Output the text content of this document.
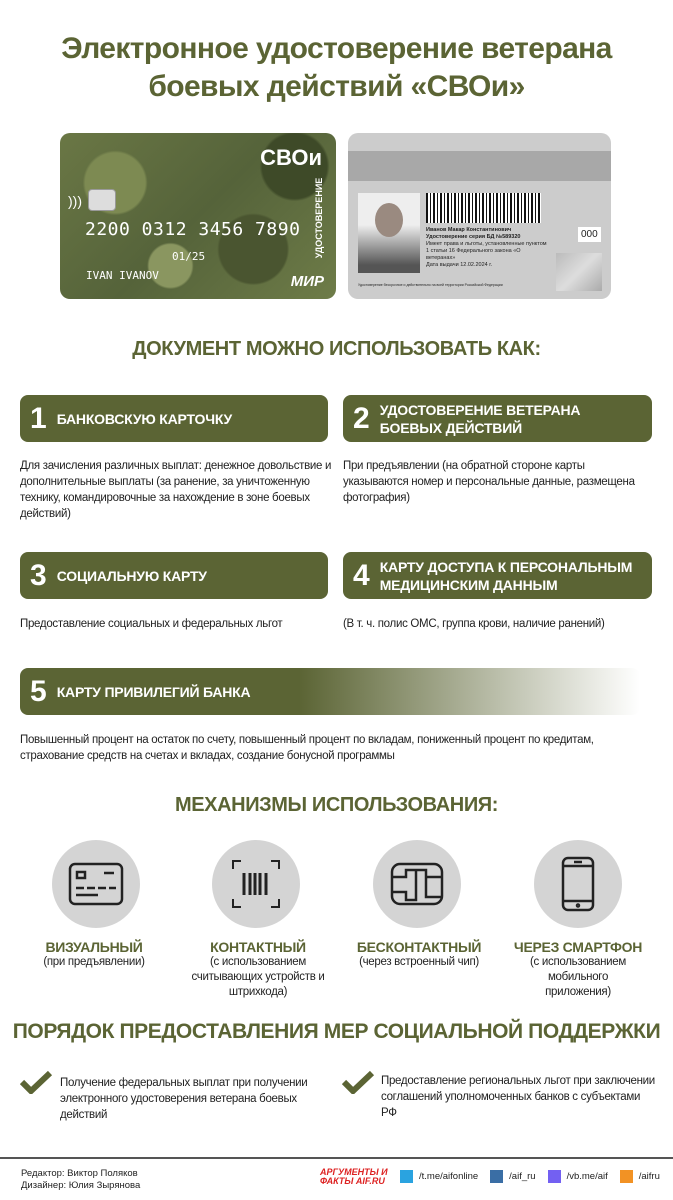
Электронное удостоверение ветерана
боевых действий «СВОи»
СВОи
УДОСТОВЕРЕНИЕ
)))
2200 0312 3456 7890
01/25
IVAN IVANOV	МИР
Иванов Макар Константинович
Удостоверение серия БД №589320
Имеет права и льготы, установленные пунктом 1 статьи 16 Федерального закона «О ветеранах»
Дата выдачи 12.02.2024 г.
000
Удостоверение бессрочное и действительно на всей территории Российской Федерации
ДОКУМЕНТ МОЖНО ИСПОЛЬЗОВАТЬ КАК:
1 БАНКОВСКУЮ КАРТОЧКУ	2 УДОСТОВЕРЕНИЕ ВЕТЕРАНА БОЕВЫХ ДЕЙСТВИЙ
Для зачисления различных выплат: денежное довольствие и дополнительные выплаты (за ранение, за уничтоженную технику, командировочные за нахождение в зоне боевых действий)
При предъявлении (на обратной стороне карты указываются номер и персональные данные, размещена фотография)
3 СОЦИАЛЬНУЮ КАРТУ	4 КАРТУ ДОСТУПА К ПЕРСОНАЛЬНЫМ МЕДИЦИНСКИМ ДАННЫМ
Предоставление социальных и федеральных льгот	(В т. ч. полис ОМС, группа крови, наличие ранений)
5 КАРТУ ПРИВИЛЕГИЙ БАНКА
Повышенный процент на остаток по счету, повышенный процент по вкладам, пониженный процент по кредитам, страхование средств на счетах и вкладах, создание бонусной программы
МЕХАНИЗМЫ ИСПОЛЬЗОВАНИЯ:
ВИЗУАЛЬНЫЙ
(при предъявлении)
КОНТАКТНЫЙ
(с использованием считывающих устройств и штрихкода)
БЕСКОНТАКТНЫЙ
(через встроенный чип)
ЧЕРЕЗ СМАРТФОН
(с использованием мобильного приложения)
ПОРЯДОК ПРЕДОСТАВЛЕНИЯ МЕР СОЦИАЛЬНОЙ ПОДДЕРЖКИ
Получение федеральных выплат при получении электронного удостоверения ветерана боевых действий
Предоставление региональных льгот при заключении соглашений уполномоченных банков с субъектами РФ
Редактор: Виктор Поляков
Дизайнер: Юлия Зырянова
АРГУМЕНТЫ И ФАКТЫ AIF.RU	/t.me/aifonline	/aif_ru	/vb.me/aif	/aifru
